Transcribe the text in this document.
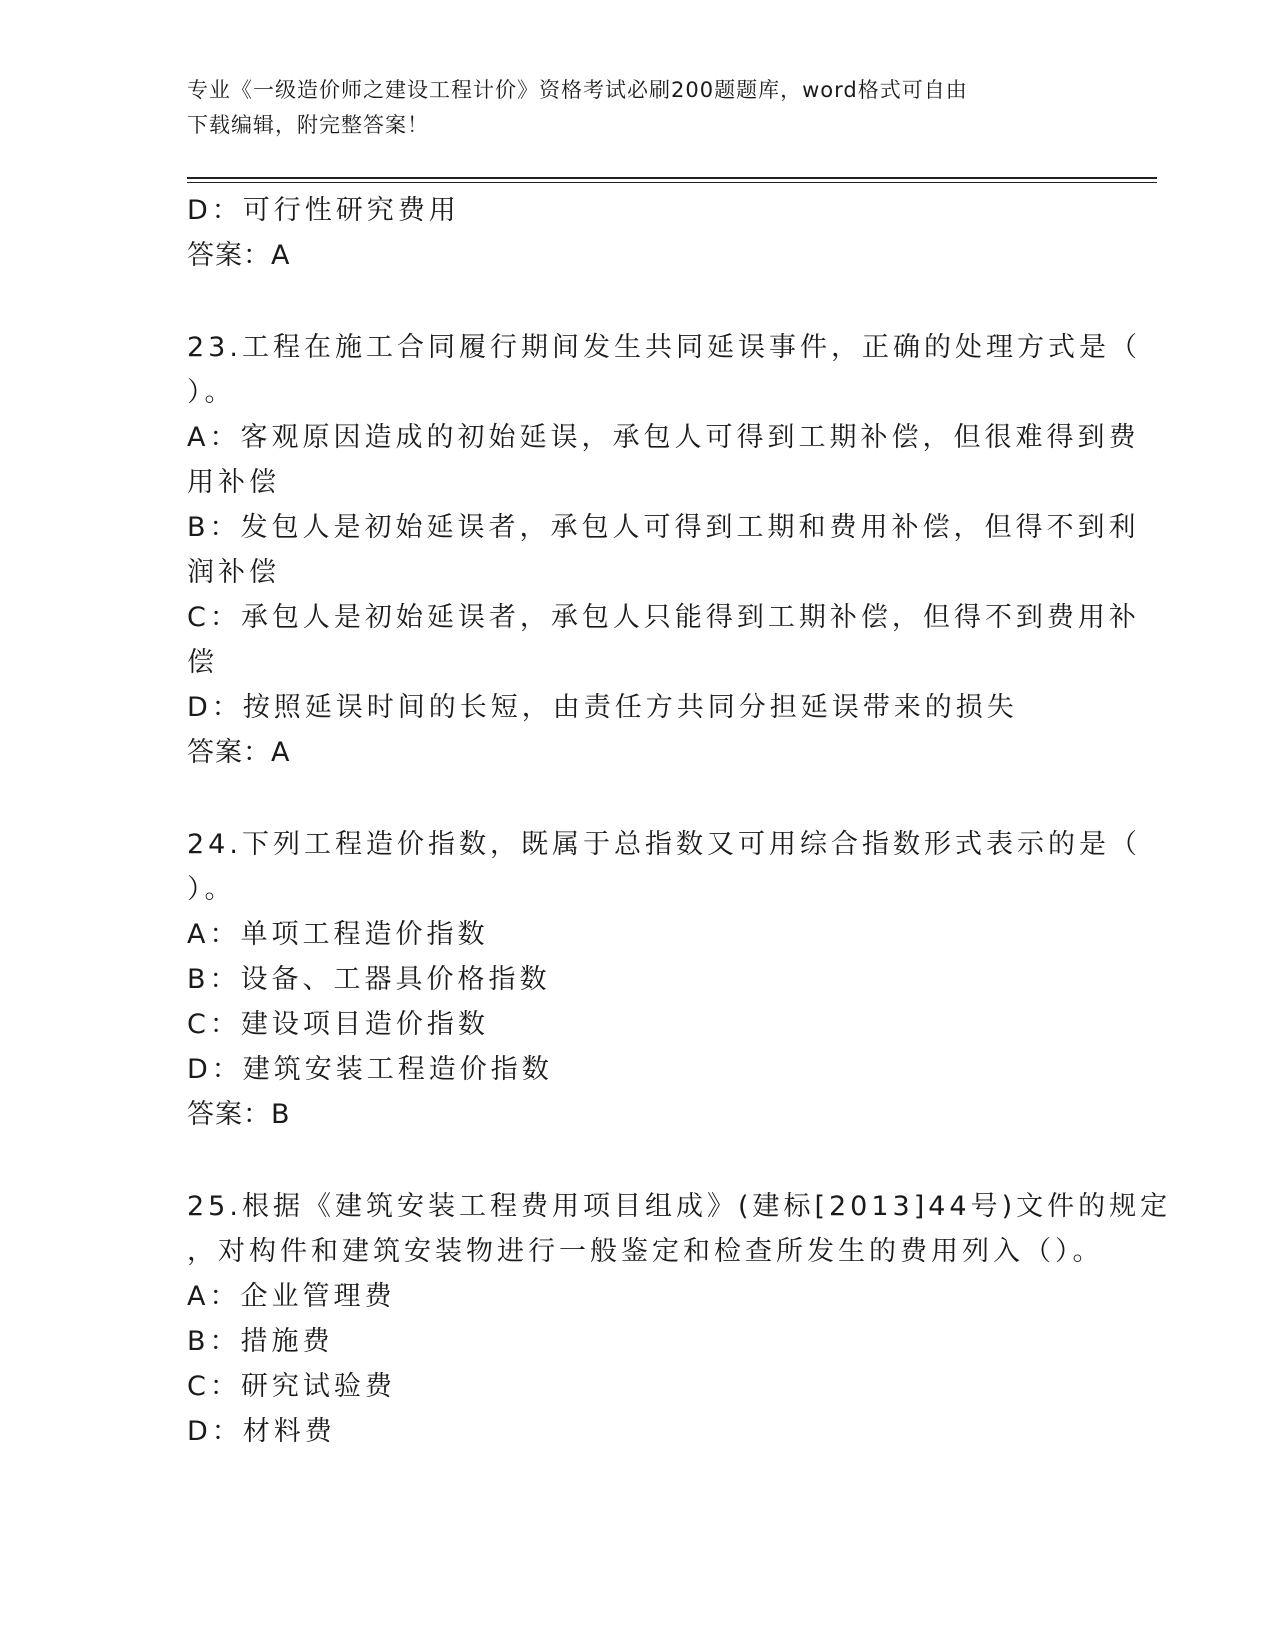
专业《一级造价师之建设工程计价》资格考试必刷200题题库，word格式可自由
下载编辑，附完整答案！

D：可行性研究费用

答案：A

23.工程在施工合同履行期间发生共同延误事件，正确的处理方式是（

）。

A：客观原因造成的初始延误，承包人可得到工期补偿，但很难得到费

用补偿

B：发包人是初始延误者，承包人可得到工期和费用补偿，但得不到利

润补偿

C：承包人是初始延误者，承包人只能得到工期补偿，但得不到费用补

偿

D：按照延误时间的长短，由责任方共同分担延误带来的损失

答案：A

24.下列工程造价指数，既属于总指数又可用综合指数形式表示的是（

）。

A：单项工程造价指数

B：设备、工器具价格指数

C：建设项目造价指数

D：建筑安装工程造价指数

答案：B

25.根据《建筑安装工程费用项目组成》(建标[2013]44号)文件的规定

，对构件和建筑安装物进行一般鉴定和检查所发生的费用列入（）。

A：企业管理费

B：措施费

C：研究试验费

D：材料费
